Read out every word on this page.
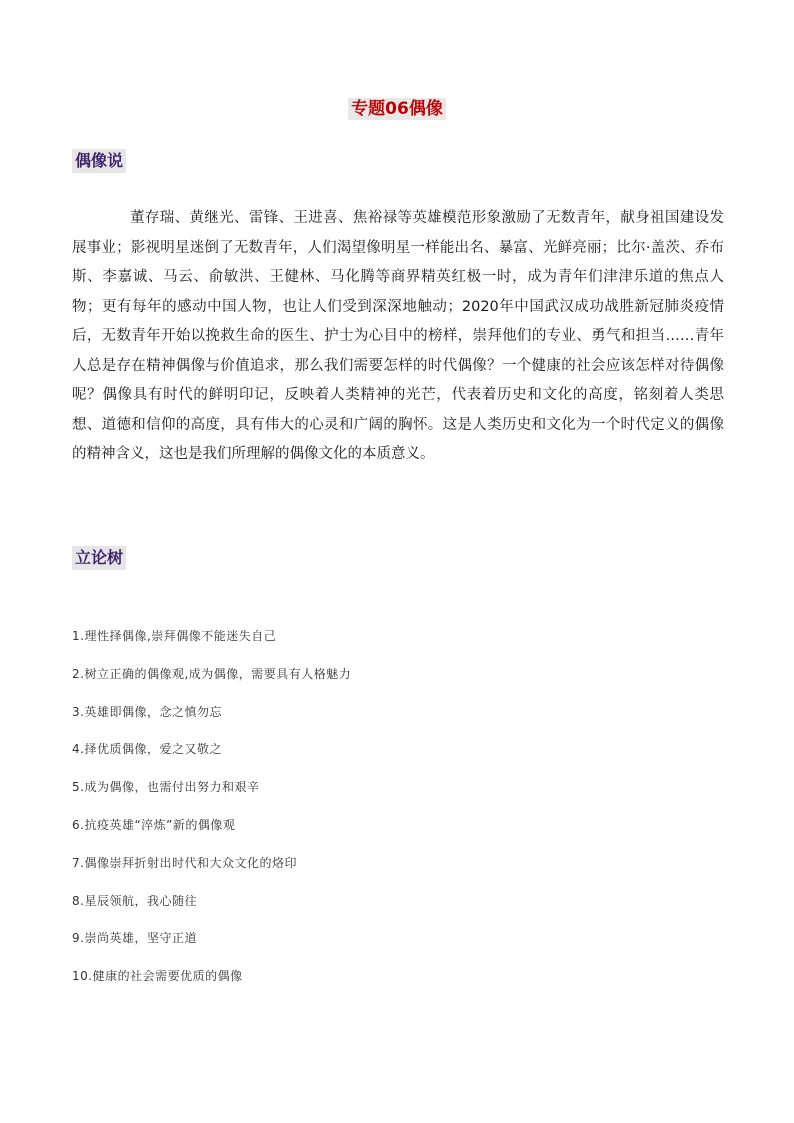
专题06偶像
偶像说

董存瑞、黄继光、雷锋、王进喜、焦裕禄等英雄模范形象激励了无数青年，献身祖国建设发展事业；影视明星迷倒了无数青年，人们渴望像明星一样能出名、暴富、光鲜亮丽；比尔·盖茨、乔布斯、李嘉诚、马云、俞敏洪、王健林、马化腾等商界精英红极一时，成为青年们津津乐道的焦点人物；更有每年的感动中国人物，也让人们受到深深地触动；2020年中国武汉成功战胜新冠肺炎疫情后，无数青年开始以挽救生命的医生、护士为心目中的榜样，崇拜他们的专业、勇气和担当……青年人总是存在精神偶像与价值追求，那么我们需要怎样的时代偶像？一个健康的社会应该怎样对待偶像呢？偶像具有时代的鲜明印记，反映着人类精神的光芒，代表着历史和文化的高度，铭刻着人类思想、道德和信仰的高度，具有伟大的心灵和广阔的胸怀。这是人类历史和文化为一个时代定义的偶像的精神含义，这也是我们所理解的偶像文化的本质意义。

立论树
1.理性择偶像,崇拜偶像不能迷失自己
2.树立正确的偶像观,成为偶像，需要具有人格魅力
3.英雄即偶像，念之慎勿忘
4.择优质偶像，爱之又敬之
5.成为偶像，也需付出努力和艰辛
6.抗疫英雄“淬炼”新的偶像观
7.偶像崇拜折射出时代和大众文化的烙印
8.星辰领航，我心随往
9.崇尚英雄，坚守正道
10.健康的社会需要优质的偶像
